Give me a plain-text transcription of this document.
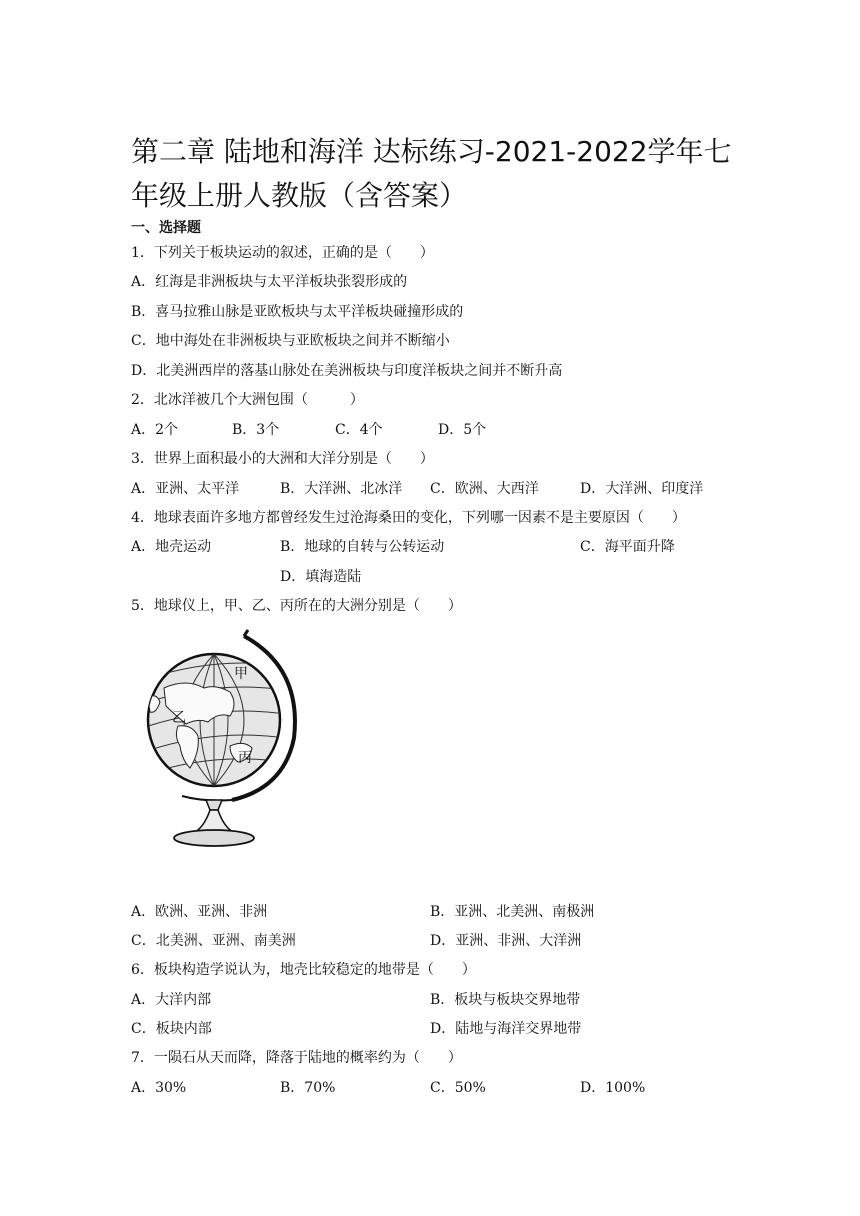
第二章 陆地和海洋 达标练习-2021-2022学年七年级上册人教版（含答案）
一、选择题
1．下列关于板块运动的叙述，正确的是（　　）
A．红海是非洲板块与太平洋板块张裂形成的
B．喜马拉雅山脉是亚欧板块与太平洋板块碰撞形成的
C．地中海处在非洲板块与亚欧板块之间并不断缩小
D．北美洲西岸的落基山脉处在美洲板块与印度洋板块之间并不断升高
2．北冰洋被几个大洲包围（　　　）
A．2个	B．3个	C．4个	D．5个
3．世界上面积最小的大洲和大洋分别是（　　）
A．亚洲、太平洋	B．大洋洲、北冰洋 C．欧洲、大西洋	D．大洋洲、印度洋
4．地球表面许多地方都曾经发生过沧海桑田的变化，下列哪一因素不是主要原因（　　）
A．地壳运动	B．地球的自转与公转运动	C．海平面升降
D．填海造陆
5．地球仪上，甲、乙、丙所在的大洲分别是（　　）
甲
乙
丙
A．欧洲、亚洲、非洲	B．亚洲、北美洲、南极洲
C．北美洲、亚洲、南美洲	D．亚洲、非洲、大洋洲
6．板块构造学说认为，地壳比较稳定的地带是（　　）
A．大洋内部	B．板块与板块交界地带
C．板块内部	D．陆地与海洋交界地带
7．一陨石从天而降，降落于陆地的概率约为（　　）
A．30%	B．70%	C．50%	D．100%
